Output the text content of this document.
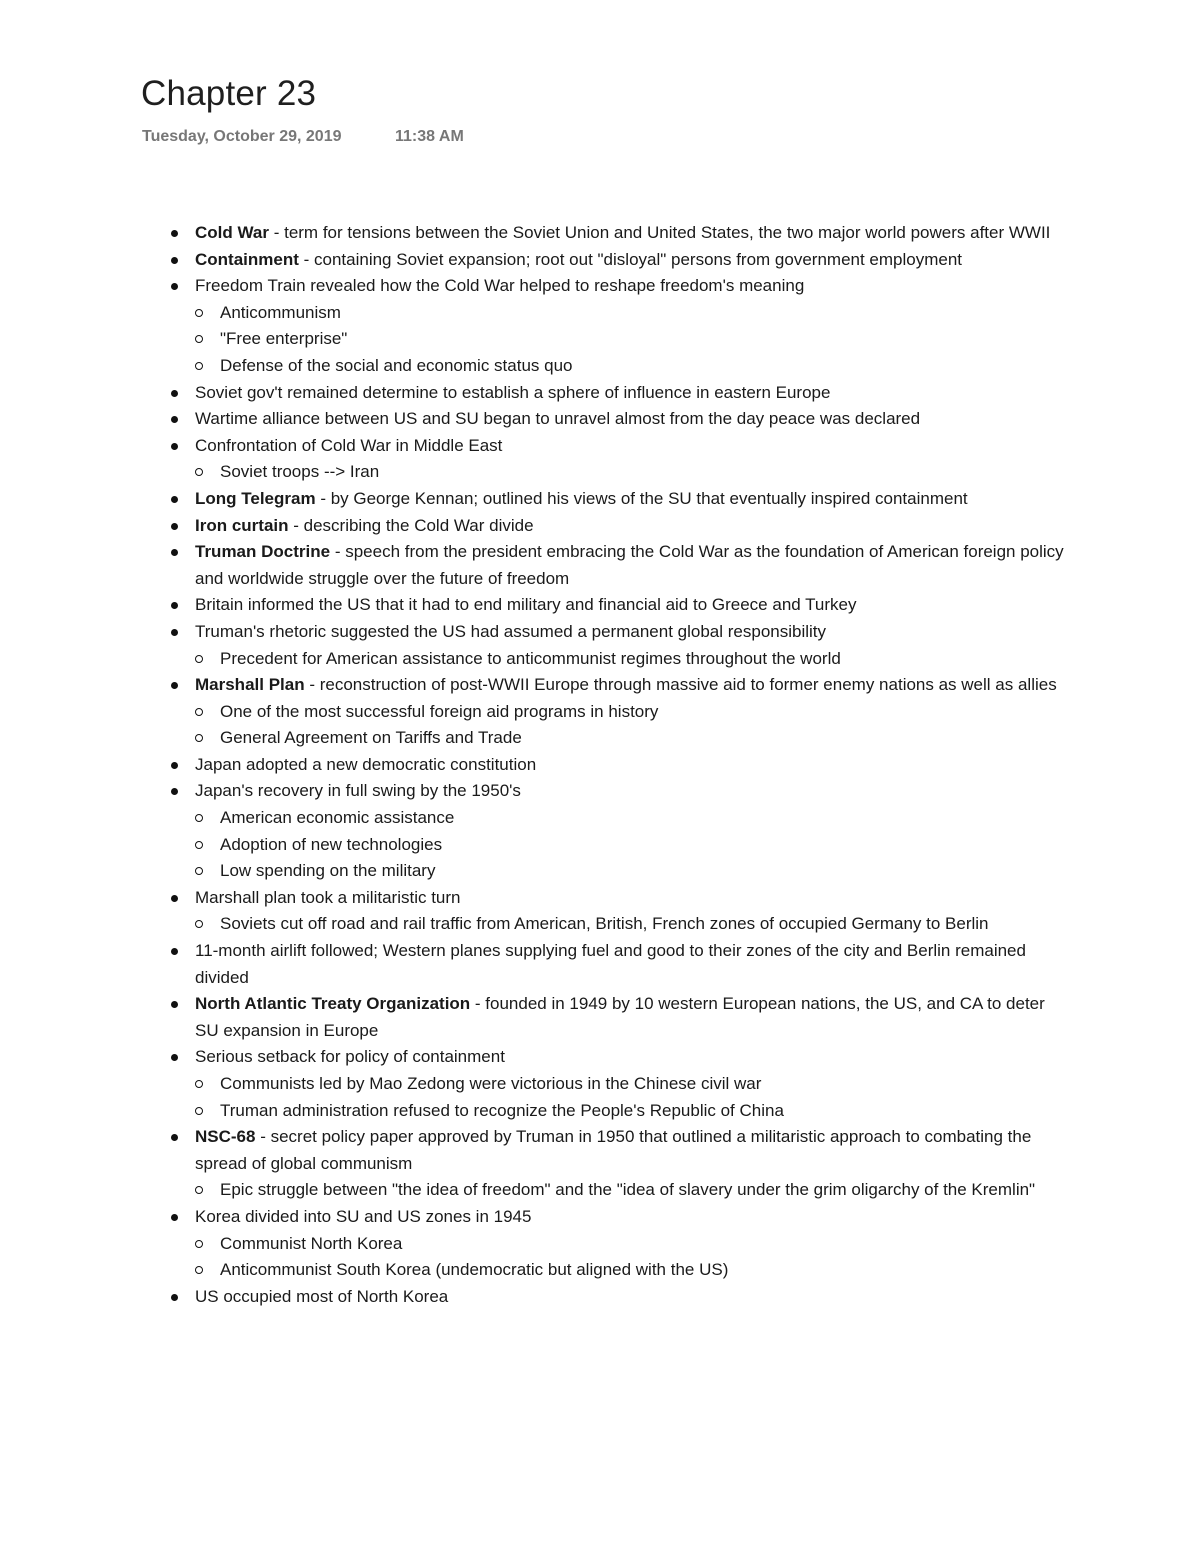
Chapter 23
Tuesday, October 29, 2019	11:38 AM
Cold War - term for tensions between the Soviet Union and United States, the two major world powers after WWII
Containment - containing Soviet expansion; root out "disloyal" persons from government employment
Freedom Train revealed how the Cold War helped to reshape freedom's meaning
Anticommunism
"Free enterprise"
Defense of the social and economic status quo
Soviet gov't remained determine to establish a sphere of influence in eastern Europe
Wartime alliance between US and SU began to unravel almost from the day peace was declared
Confrontation of Cold War in Middle East
Soviet troops --> Iran
Long Telegram - by George Kennan; outlined his views of the SU that eventually inspired containment
Iron curtain - describing the Cold War divide
Truman Doctrine - speech from the president embracing the Cold War as the foundation of American foreign policy and worldwide struggle over the future of freedom
Britain informed the US that it had to end military and financial aid to Greece and Turkey
Truman's rhetoric suggested the US had assumed a permanent global responsibility
Precedent for American assistance to anticommunist regimes throughout the world
Marshall Plan - reconstruction of post-WWII Europe through massive aid to former enemy nations as well as allies
One of the most successful foreign aid programs in history
General Agreement on Tariffs and Trade
Japan adopted a new democratic constitution
Japan's recovery in full swing by the 1950's
American economic assistance
Adoption of new technologies
Low spending on the military
Marshall plan took a militaristic turn
Soviets cut off road and rail traffic from American, British, French zones of occupied Germany to Berlin
11-month airlift followed; Western planes supplying fuel and good to their zones of the city and Berlin remained divided
North Atlantic Treaty Organization - founded in 1949 by 10 western European nations, the US, and CA to deter SU expansion in Europe
Serious setback for policy of containment
Communists led by Mao Zedong were victorious in the Chinese civil war
Truman administration refused to recognize the People's Republic of China
NSC-68 - secret policy paper approved by Truman in 1950 that outlined a militaristic approach to combating the spread of global communism
Epic struggle between "the idea of freedom" and the "idea of slavery under the grim oligarchy of the Kremlin"
Korea divided into SU and US zones in 1945
Communist North Korea
Anticommunist South Korea (undemocratic but aligned with the US)
US occupied most of North Korea
